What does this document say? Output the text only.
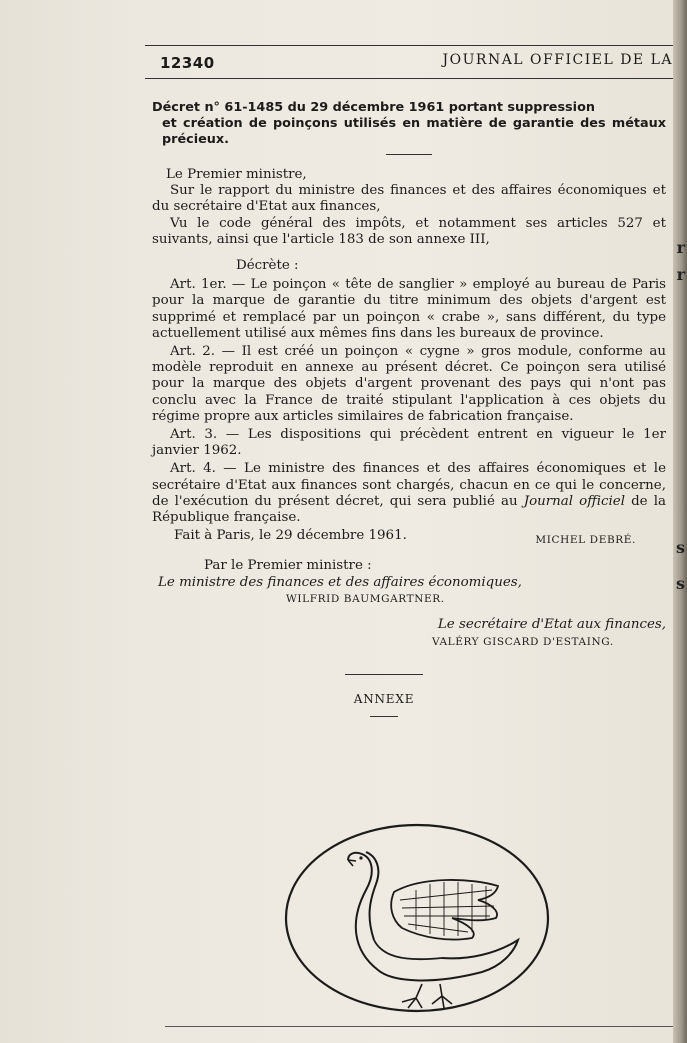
12340	JOURNAL OFFICIEL DE LA
Décret n° 61-1485 du 29 décembre 1961 portant suppression
et création de poinçons utilisés en matière de garantie des métaux précieux.

Le Premier ministre,

Sur le rapport du ministre des finances et des affaires économiques et du secrétaire d'Etat aux finances,

Vu le code général des impôts, et notamment ses articles 527 et suivants, ainsi que l'article 183 de son annexe III,

Décrète :

Art. 1er. — Le poinçon « tête de sanglier » employé au bureau de Paris pour la marque de garantie du titre minimum des objets d'argent est supprimé et remplacé par un poinçon « crabe », sans différent, du type actuellement utilisé aux mêmes fins dans les bureaux de province.

Art. 2. — Il est créé un poinçon « cygne » gros module, conforme au modèle reproduit en annexe au présent décret. Ce poinçon sera utilisé pour la marque des objets d'argent provenant des pays qui n'ont pas conclu avec la France de traité stipulant l'application à ces objets du régime propre aux articles similaires de fabrication française.

Art. 3. — Les dispositions qui précèdent entrent en vigueur le 1er janvier 1962.

Art. 4. — Le ministre des finances et des affaires économiques et le secrétaire d'Etat aux finances sont chargés, chacun en ce qui le concerne, de l'exécution du présent décret, qui sera publié au Journal officiel de la République française.

Fait à Paris, le 29 décembre 1961.	MICHEL DEBRÉ.

Par le Premier ministre :

Le ministre des finances et des affaires économiques,

WILFRID BAUMGARTNER.

Le secrétaire d'Etat aux finances,

VALÉRY GISCARD D'ESTAING.

ANNEXE

r
r
s
s
